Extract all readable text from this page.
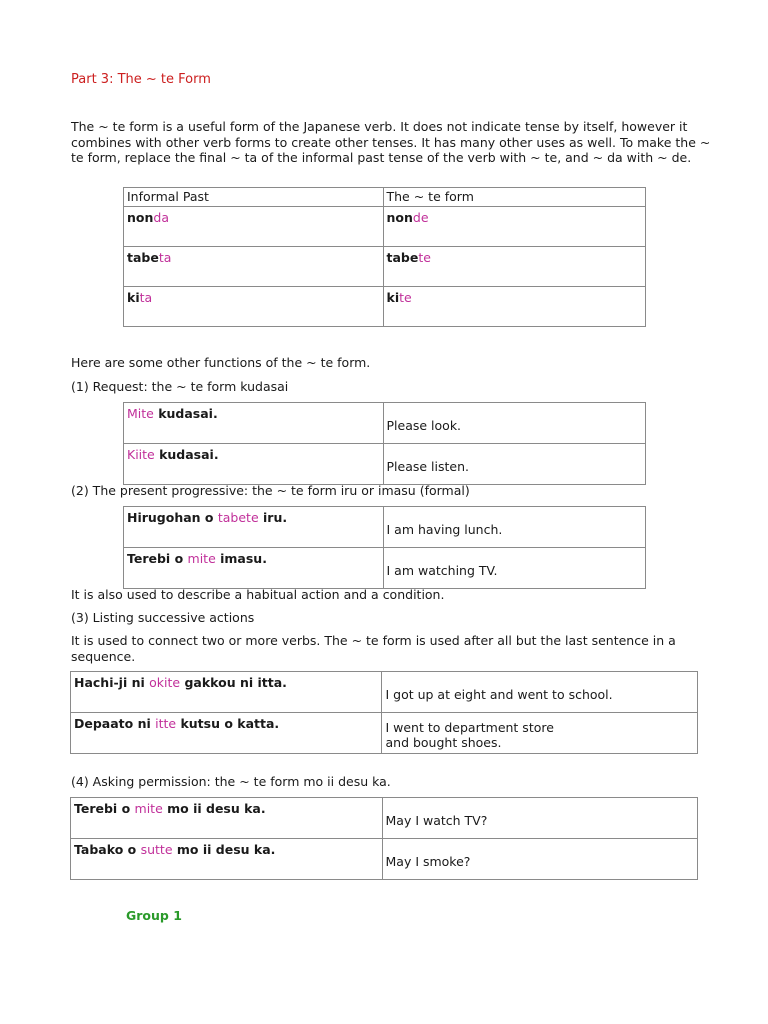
Part 3: The ~ te Form
The ~ te form is a useful form of the Japanese verb. It does not indicate tense by itself, however it combines with other verb forms to create other tenses. It has many other uses as well. To make the ~ te form, replace the final ~ ta of the informal past tense of the verb with ~ te, and ~ da with ~ de.
Informal Past	The ~ te form
nonda	nonde
tabeta	tabete
kita	kite
Here are some other functions of the ~ te form.
(1) Request: the ~ te form kudasai
Mite kudasai.	Please look.
Kiite kudasai.	Please listen.
(2) The present progressive: the ~ te form iru or imasu (formal)
Hirugohan o tabete iru.	I am having lunch.
Terebi o mite imasu.	I am watching TV.
It is also used to describe a habitual action and a condition.
(3) Listing successive actions
It is used to connect two or more verbs. The ~ te form is used after all but the last sentence in a sequence.
Hachi-ji ni okite gakkou ni itta.	I got up at eight and went to school.
Depaato ni itte kutsu o katta.	I went to department store
and bought shoes.
(4) Asking permission: the ~ te form mo ii desu ka.
Terebi o mite mo ii desu ka.	May I watch TV?
Tabako o sutte mo ii desu ka.	May I smoke?
Group 1
